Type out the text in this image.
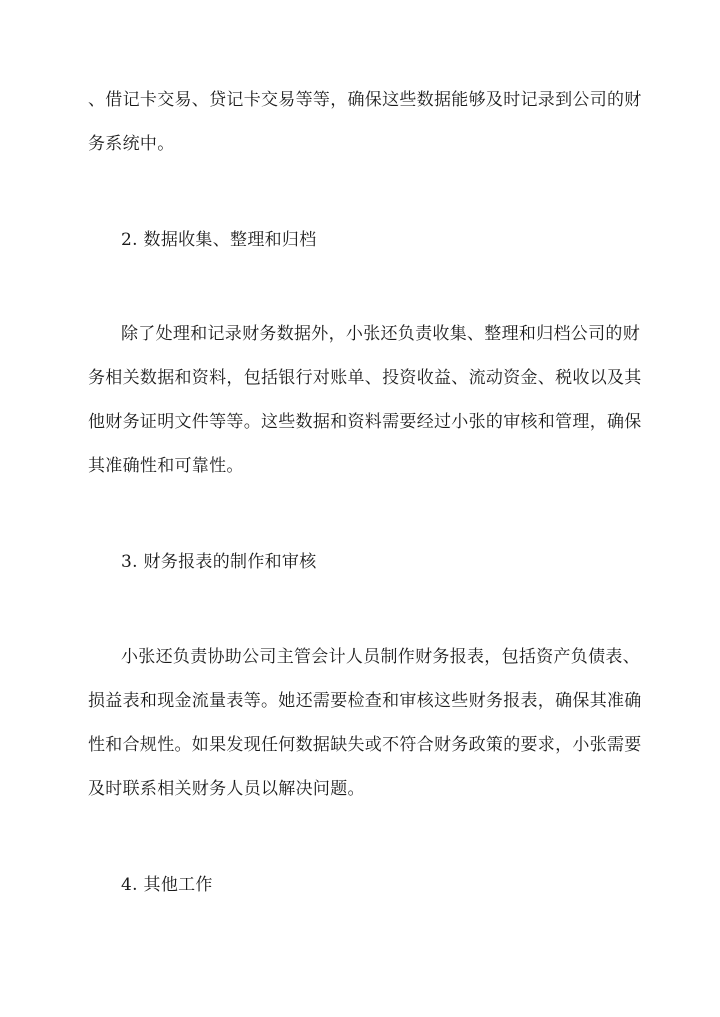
、借记卡交易、贷记卡交易等等，确保这些数据能够及时记录到公司的财
务系统中。
2. 数据收集、整理和归档
除了处理和记录财务数据外，小张还负责收集、整理和归档公司的财
务相关数据和资料，包括银行对账单、投资收益、流动资金、税收以及其
他财务证明文件等等。这些数据和资料需要经过小张的审核和管理，确保
其准确性和可靠性。
3. 财务报表的制作和审核
小张还负责协助公司主管会计人员制作财务报表，包括资产负债表、
损益表和现金流量表等。她还需要检查和审核这些财务报表，确保其准确
性和合规性。如果发现任何数据缺失或不符合财务政策的要求，小张需要
及时联系相关财务人员以解决问题。
4. 其他工作
